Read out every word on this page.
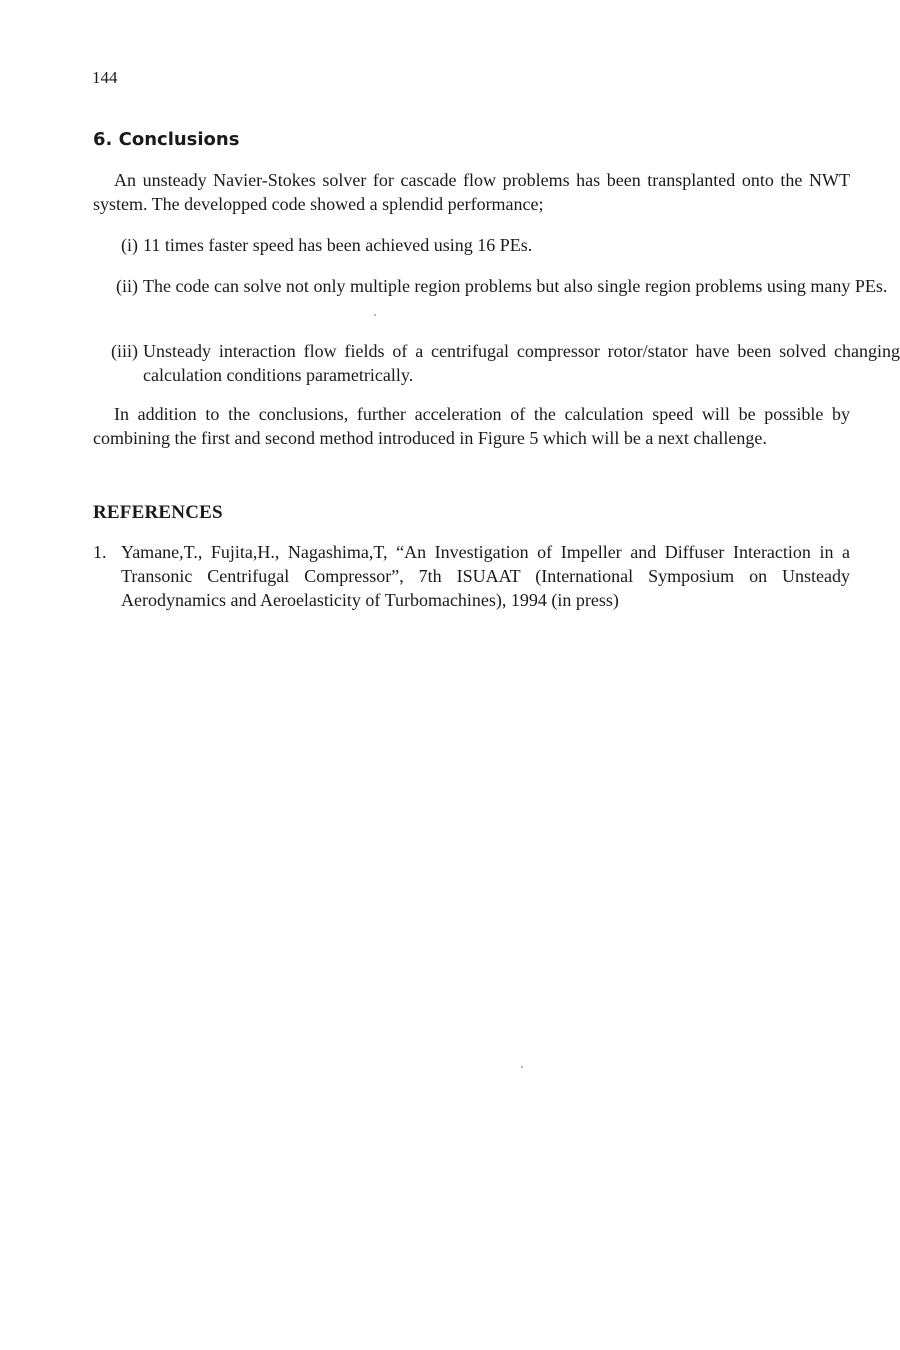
144
6. Conclusions

An unsteady Navier-Stokes solver for cascade flow problems has been transplanted onto the NWT system. The developped code showed a splendid performance;

(i) 11 times faster speed has been achieved using 16 PEs.
(ii) The code can solve not only multiple region problems but also single region problems using many PEs.
(iii) Unsteady interaction flow fields of a centrifugal compressor rotor/stator have been solved changing calculation conditions parametrically.

In addition to the conclusions, further acceleration of the calculation speed will be possible by combining the first and second method introduced in Figure 5 which will be a next challenge.

REFERENCES
1. Yamane,T., Fujita,H., Nagashima,T, “An Investigation of Impeller and Diffuser Interaction in a Transonic Centrifugal Compressor”, 7th ISUAAT (International Symposium on Unsteady Aerodynamics and Aeroelasticity of Turbomachines), 1994 (in press)
